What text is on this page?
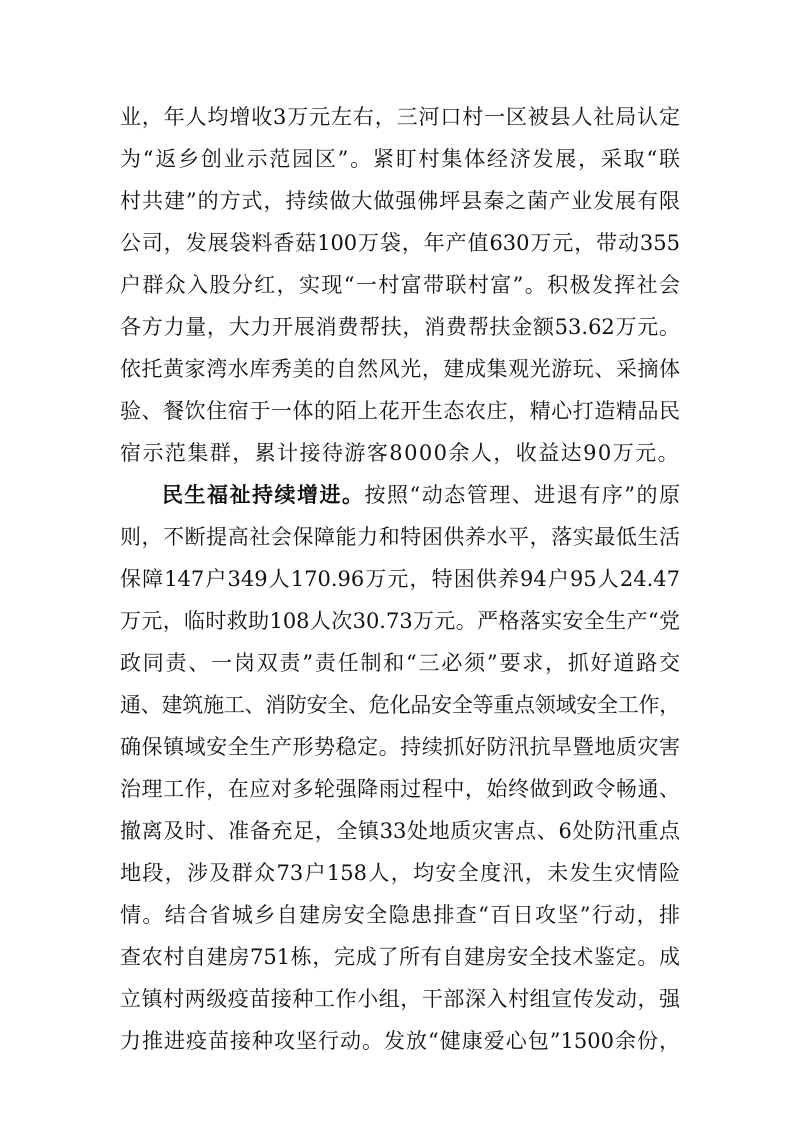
业，年人均增收3万元左右，三河口村一区被县人社局认定
为“返乡创业示范园区”。紧盯村集体经济发展，采取“联
村共建”的方式，持续做大做强佛坪县秦之菌产业发展有限
公司，发展袋料香菇100万袋，年产值630万元，带动355
户群众入股分红，实现“一村富带联村富”。积极发挥社会
各方力量，大力开展消费帮扶，消费帮扶金额53.62万元。
依托黄家湾水库秀美的自然风光，建成集观光游玩、采摘体
验、餐饮住宿于一体的陌上花开生态农庄，精心打造精品民
宿示范集群，累计接待游客8000余人，收益达90万元。
民生福祉持续增进。按照“动态管理、进退有序”的原
则，不断提高社会保障能力和特困供养水平，落实最低生活
保障147户349人170.96万元，特困供养94户95人24.47
万元，临时救助108人次30.73万元。严格落实安全生产“党
政同责、一岗双责”责任制和“三必须”要求，抓好道路交
通、建筑施工、消防安全、危化品安全等重点领域安全工作，
确保镇域安全生产形势稳定。持续抓好防汛抗旱暨地质灾害
治理工作，在应对多轮强降雨过程中，始终做到政令畅通、
撤离及时、准备充足，全镇33处地质灾害点、6处防汛重点
地段，涉及群众73户158人，均安全度汛，未发生灾情险
情。结合省城乡自建房安全隐患排查“百日攻坚”行动，排
查农村自建房751栋，完成了所有自建房安全技术鉴定。成
立镇村两级疫苗接种工作小组，干部深入村组宣传发动，强
力推进疫苗接种攻坚行动。发放“健康爱心包”1500余份，
